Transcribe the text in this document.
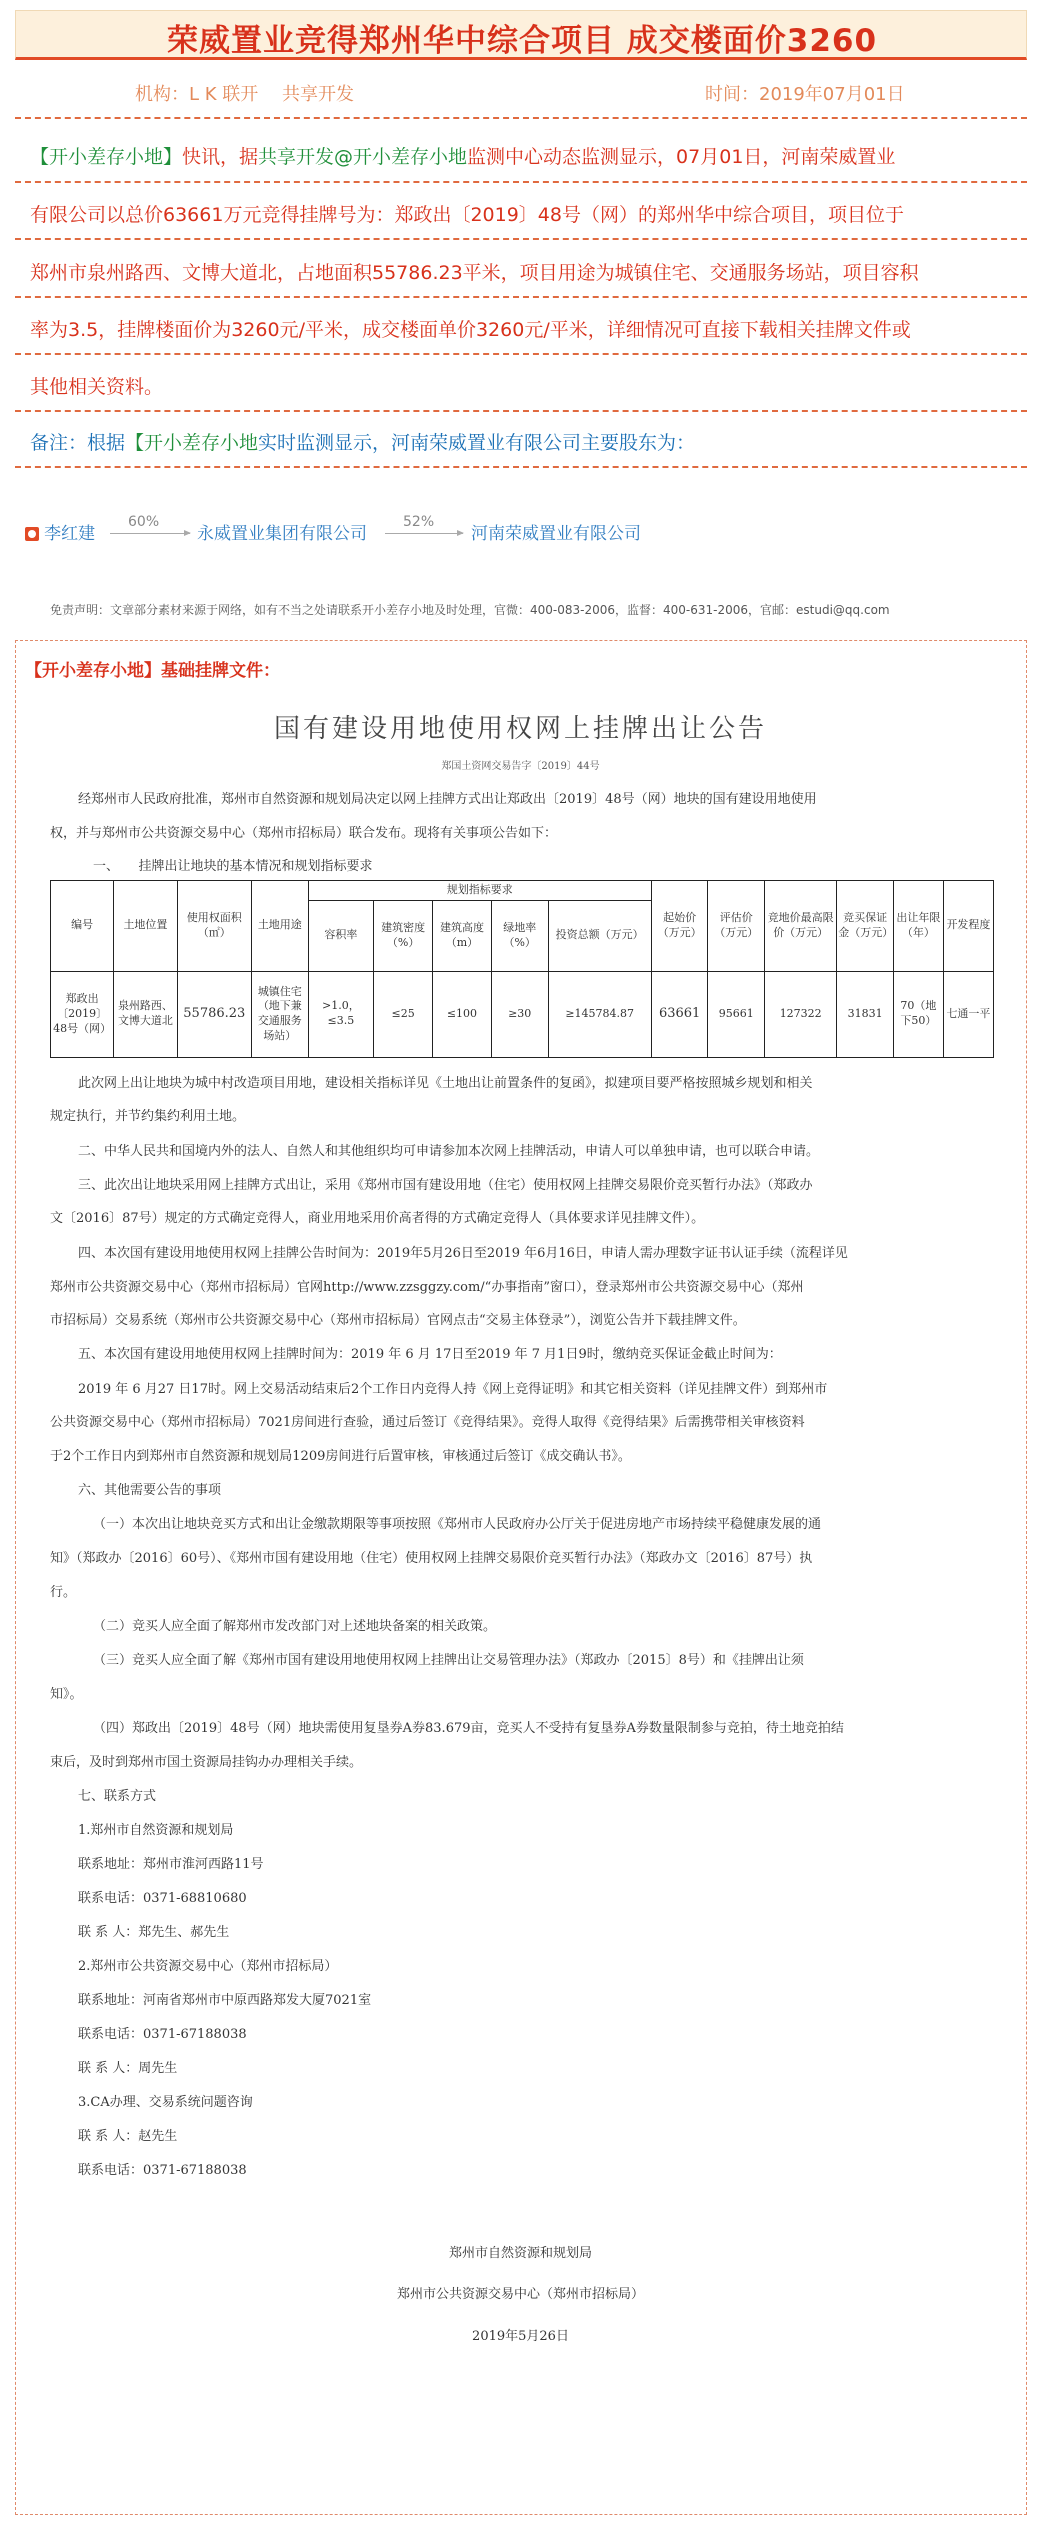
荣威置业竞得郑州华中综合项目 成交楼面价3260
机构：L K 联开　 共享开发	时间：2019年07月01日
【开小差存小地】快讯，据共享开发@开小差存小地监测中心动态监测显示，07月01日，河南荣威置业
有限公司以总价63661万元竞得挂牌号为：郑政出〔2019〕48号（网）的郑州华中综合项目，项目位于
郑州市泉州路西、文博大道北，占地面积55786.23平米，项目用途为城镇住宅、交通服务场站，项目容积
率为3.5，挂牌楼面价为3260元/平米，成交楼面单价3260元/平米，详细情况可直接下载相关挂牌文件或
其他相关资料。
备注：根据【开小差存小地实时监测显示，河南荣威置业有限公司主要股东为：
李红建
60%
永威置业集团有限公司
52%
河南荣威置业有限公司
免责声明：文章部分素材来源于网络，如有不当之处请联系开小差存小地及时处理，官微：400-083-2006，监督：400-631-2006，官邮：estudi@qq.com
【开小差存小地】基础挂牌文件：
国有建设用地使用权网上挂牌出让公告
郑国土资网交易告字〔2019〕44号
经郑州市人民政府批准，郑州市自然资源和规划局决定以网上挂牌方式出让郑政出〔2019〕48号（网）地块的国有建设用地使用
权，并与郑州市公共资源交易中心（郑州市招标局）联合发布。现将有关事项公告如下：
一、　　挂牌出让地块的基本情况和规划指标要求
编号	土地位置	使用权面积（㎡）	土地用途	规划指标要求					起始价（万元）	评估价（万元）	竞地价最高限价（万元）	竞买保证金（万元）	出让年限（年）	开发程度
				容积率	建筑密度（%）	建筑高度（m）	绿地率（%）	投资总额（万元）						
郑政出〔2019〕48号（网）	泉州路西、文博大道北	55786.23	城镇住宅（地下兼交通服务场站）	>1.0，≤3.5	≤25	≤100	≥30	≥145784.87	63661	95661	127322	31831	70（地下50）	七通一平
此次网上出让地块为城中村改造项目用地，建设相关指标详见《土地出让前置条件的复函》，拟建项目要严格按照城乡规划和相关
规定执行，并节约集约利用土地。
二、中华人民共和国境内外的法人、自然人和其他组织均可申请参加本次网上挂牌活动，申请人可以单独申请，也可以联合申请。
三、此次出让地块采用网上挂牌方式出让，采用《郑州市国有建设用地（住宅）使用权网上挂牌交易限价竞买暂行办法》（郑政办
文〔2016〕87号）规定的方式确定竞得人，商业用地采用价高者得的方式确定竞得人（具体要求详见挂牌文件）。
四、本次国有建设用地使用权网上挂牌公告时间为：2019年5月26日至2019 年6月16日，申请人需办理数字证书认证手续（流程详见
郑州市公共资源交易中心（郑州市招标局）官网http://www.zzsggzy.com/“办事指南”窗口），登录郑州市公共资源交易中心（郑州
市招标局）交易系统（郑州市公共资源交易中心（郑州市招标局）官网点击“交易主体登录”），浏览公告并下载挂牌文件。
五、本次国有建设用地使用权网上挂牌时间为：2019 年 6 月 17日至2019 年 7 月1日9时，缴纳竞买保证金截止时间为：
2019 年 6 月27 日17时。网上交易活动结束后2个工作日内竞得人持《网上竞得证明》和其它相关资料（详见挂牌文件）到郑州市
公共资源交易中心（郑州市招标局）7021房间进行查验，通过后签订《竞得结果》。竞得人取得《竞得结果》后需携带相关审核资料
于2个工作日内到郑州市自然资源和规划局1209房间进行后置审核，审核通过后签订《成交确认书》。
六、其他需要公告的事项
（一）本次出让地块竞买方式和出让金缴款期限等事项按照《郑州市人民政府办公厅关于促进房地产市场持续平稳健康发展的通
知》（郑政办〔2016〕60号）、《郑州市国有建设用地（住宅）使用权网上挂牌交易限价竞买暂行办法》（郑政办文〔2016〕87号）执
行。
（二）竞买人应全面了解郑州市发改部门对上述地块备案的相关政策。
（三）竞买人应全面了解《郑州市国有建设用地使用权网上挂牌出让交易管理办法》（郑政办〔2015〕8号）和《挂牌出让须
知》。
（四）郑政出〔2019〕48号（网）地块需使用复垦券A券83.679亩，竞买人不受持有复垦券A券数量限制参与竞拍，待土地竞拍结
束后，及时到郑州市国土资源局挂钩办办理相关手续。
七、联系方式
1.郑州市自然资源和规划局
联系地址：郑州市淮河西路11号
联系电话：0371-68810680
联 系 人：郑先生、郝先生
2.郑州市公共资源交易中心（郑州市招标局）
联系地址：河南省郑州市中原西路郑发大厦7021室
联系电话：0371-67188038
联 系 人：周先生
3.CA办理、交易系统问题咨询
联 系 人：赵先生
联系电话：0371-67188038
郑州市自然资源和规划局
郑州市公共资源交易中心（郑州市招标局）
2019年5月26日
